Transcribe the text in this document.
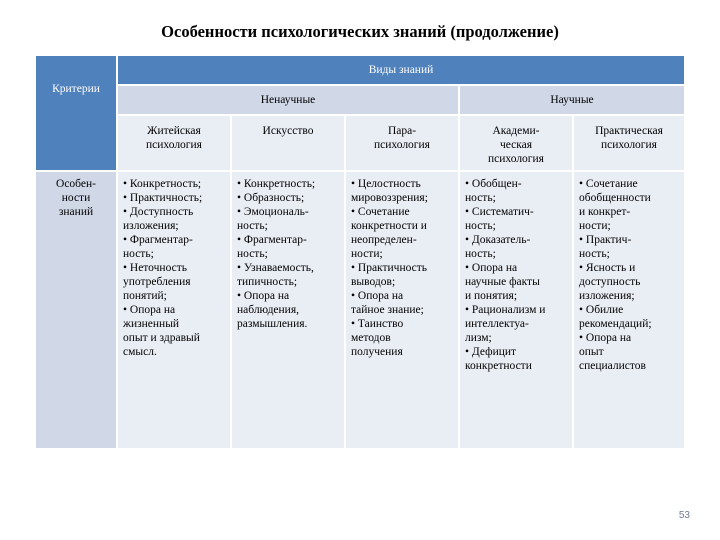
Особенности психологических знаний (продолжение)
Критерии
Виды знаний
Ненаучные	Научные
Житейская
психология
Искусство	Пара-
психология
Академи-
ческая
психология
Практическая
психология
Особен-
ности
знаний
• Конкретность;
• Практичность;
• Доступность
изложения;
• Фрагментар-
ность;
• Неточность
употребления
понятий;
• Опора на
жизненный
опыт и здравый
смысл.
• Конкретность;
• Образность;
• Эмоциональ-
ность;
• Фрагментар-
ность;
• Узнаваемость,
типичность;
• Опора на
наблюдения,
размышления.
• Целостность
мировоззрения;
• Сочетание
конкретности и
неопределен-
ности;
• Практичность
выводов;
• Опора на
тайное знание;
• Таинство
методов
получения
• Обобщен-
ность;
• Систематич-
ность;
• Доказатель-
ность;
• Опора на
научные факты
и понятия;
• Рационализм и
интеллектуа-
лизм;
• Дефицит
конкретности
• Сочетание
обобщенности
и конкрет-
ности;
• Практич-
ность;
• Ясность и
доступность
изложения;
• Обилие
рекомендаций;
• Опора на
опыт
специалистов
53
